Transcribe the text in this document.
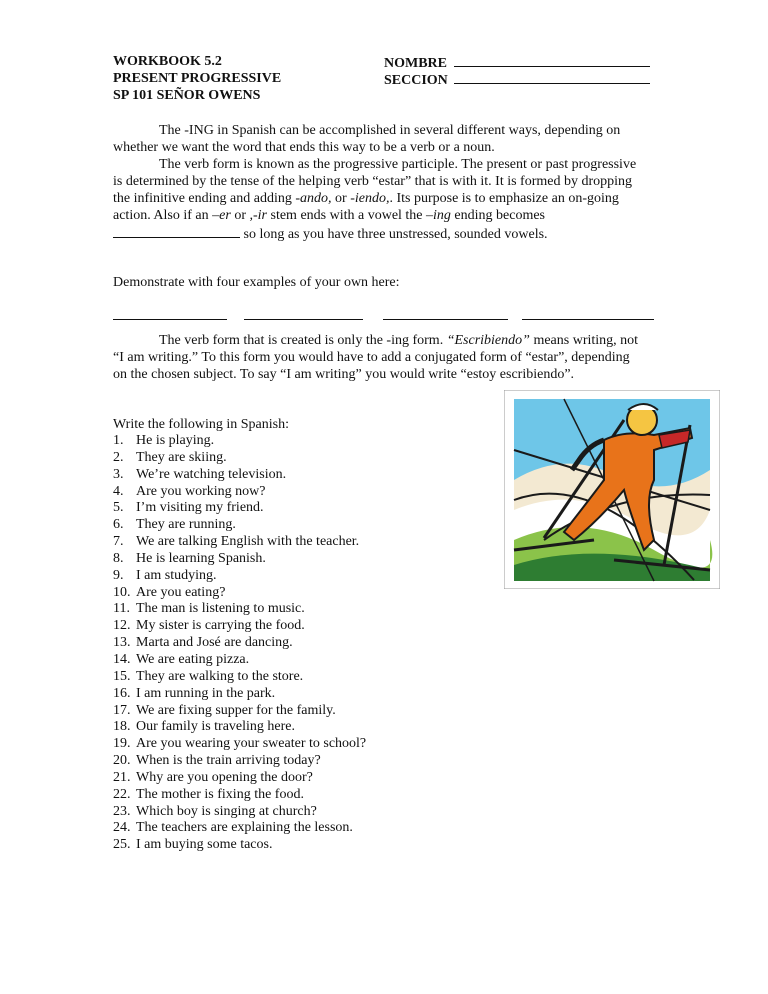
WORKBOOK 5.2
PRESENT PROGRESSIVE
SP 101 SEÑOR OWENS
NOMBRE
SECCION

The -ING in Spanish can be accomplished in several different ways, depending on whether we want the word that ends this way to be a verb or a noun.

The verb form is known as the progressive participle. The present or past progressive is determined by the tense of the helping verb “estar” that is with it. It is formed by dropping the infinitive ending and adding -ando, or -iendo,. Its purpose is to emphasize an on-going action. Also if an –er or ,-ir stem ends with a vowel the –ing ending becomes  so long as you have three unstressed, sounded vowels.

Demonstrate with four examples of your own here:

The verb form that is created is only the -ing form. “Escribiendo” means writing, not “I am writing.” To this form you would have to add a conjugated form of “estar”, depending on the chosen subject. To say “I am writing” you would write “estoy escribiendo”.

Write the following in Spanish:
1. He is playing.
2. They are skiing.
3. We’re watching television.
4. Are you working now?
5. I’m visiting my friend.
6. They are running.
7. We are talking English with the teacher.
8. He is learning Spanish.
9. I am studying.
10. Are you eating?
11. The man is listening to music.
12. My sister is carrying the food.
13. Marta and José are dancing.
14. We are eating pizza.
15. They are walking to the store.
16. I am running in the park.
17. We are fixing supper for the family.
18. Our family is traveling here.
19. Are you wearing your sweater to school?
20. When is the train arriving today?
21. Why are you opening the door?
22. The mother is fixing the food.
23. Which boy is singing at church?
24. The teachers are explaining the lesson.
25. I am buying some tacos.
